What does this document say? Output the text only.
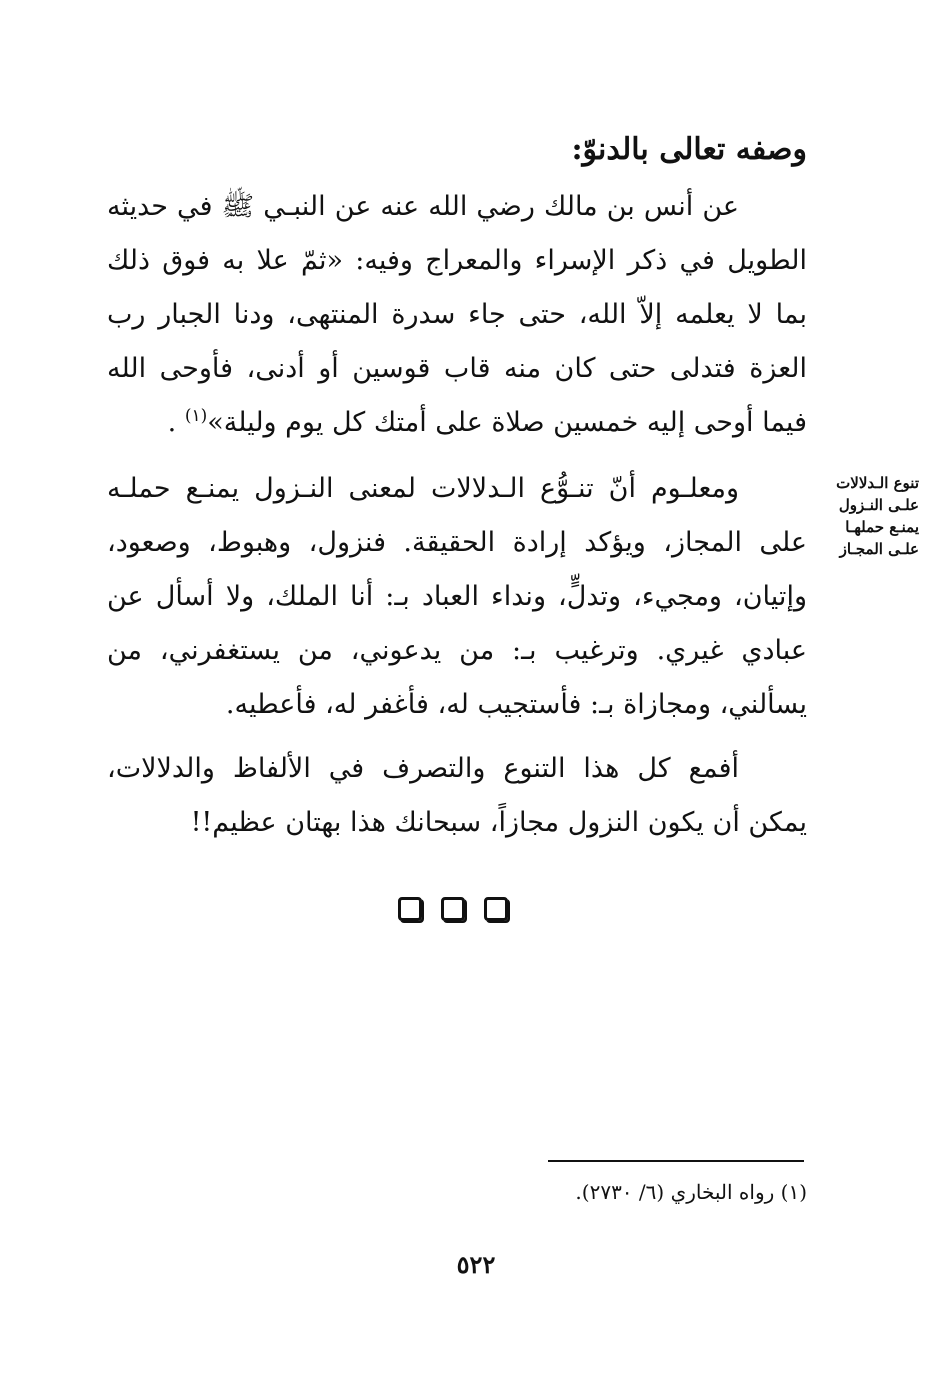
وصفه تعالى بالدنوّ:

عن أنس بن مالك رضي الله عنه عن النبـي ﷺ في حديثه الطويل في ذكر الإسراء والمعراج وفيه: «ثمّ علا به فوق ذلك بما لا يعلمه إلاّ الله، حتى جاء سدرة المنتهى، ودنا الجبار رب العزة فتدلى حتى كان منه قاب قوسين أو أدنى، فأوحى الله فيما أوحى إليه خمسين صلاة على أمتك كل يوم وليلة»$^{(١)}$ .

تنوع الـدلالات علـى النـزول يمنـع حملهـا علـى المجـاز

ومعلـوم أنّ تنـوُّع الـدلالات لمعنى النـزول يمنـع حملـه على المجاز، ويؤكد إرادة الحقيقة. فنزول، وهبوط، وصعود، وإتيان، ومجيء، وتدلٍّ، ونداء العباد بـ: أنا الملك، ولا أسأل عن عبادي غيري. وترغيب بـ: من يدعوني، من يستغفرني، من يسألني، ومجازاة بـ: فأستجيب له، فأغفر له، فأعطيه.

أفمع كل هذا التنوع والتصرف في الألفاظ والدلالات، يمكن أن يكون النزول مجازاً، سبحانك هذا بهتان عظيم!!

(١) رواه البخاري (٦/ ٢٧٣٠).

٥٢٢
